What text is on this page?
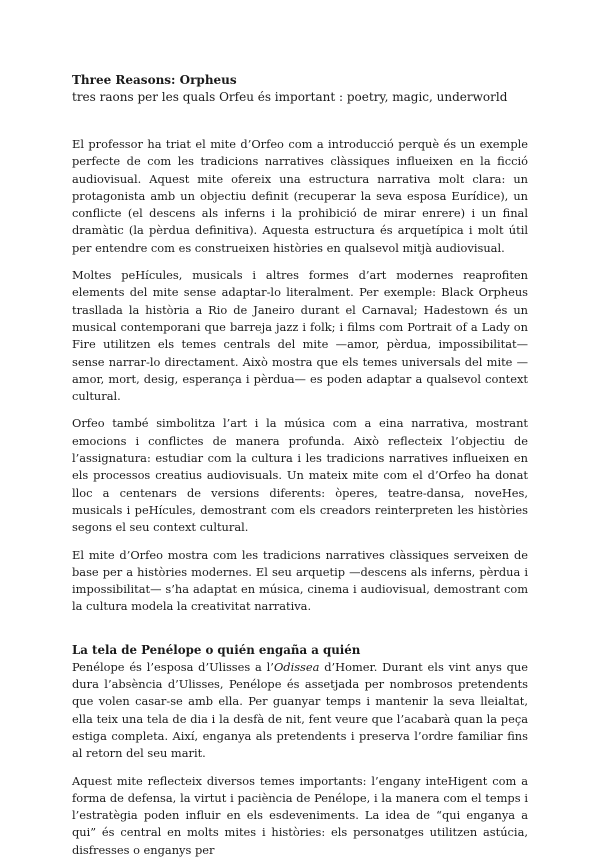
Three Reasons: Orpheus

tres raons per les quals Orfeu és important : poetry, magic, underworld

El professor ha triat el mite d’Orfeo com a introducció perquè és un exemple perfecte de com les tradicions narratives clàssiques influeixen en la ficció audiovisual. Aquest mite ofereix una estructura narrativa molt clara: un protagonista amb un objectiu definit (recuperar la seva esposa Eurídice), un conflicte (el descens als inferns i la prohibició de mirar enrere) i un final dramàtic (la pèrdua definitiva). Aquesta estructura és arquetípica i molt útil per entendre com es construeixen històries en qualsevol mitjà audiovisual.

Moltes peHícules, musicals i altres formes d’art modernes reaprofiten elements del mite sense adaptar-lo literalment. Per exemple: Black Orpheus trasllada la història a Rio de Janeiro durant el Carnaval; Hadestown és un musical contemporani que barreja jazz i folk; i films com Portrait of a Lady on Fire utilitzen els temes centrals del mite —amor, pèrdua, impossibilitat— sense narrar-lo directament. Això mostra que els temes universals del mite —amor, mort, desig, esperança i pèrdua— es poden adaptar a qualsevol context cultural.

Orfeo també simbolitza l’art i la música com a eina narrativa, mostrant emocions i conflictes de manera profunda. Això reflecteix l’objectiu de l’assignatura: estudiar com la cultura i les tradicions narratives influeixen en els processos creatius audiovisuals. Un mateix mite com el d’Orfeo ha donat lloc a centenars de versions diferents: òperes, teatre-dansa, noveHes, musicals i peHícules, demostrant com els creadors reinterpreten les històries segons el seu context cultural.

El mite d’Orfeo mostra com les tradicions narratives clàssiques serveixen de base per a històries modernes. El seu arquetip —descens als inferns, pèrdua i impossibilitat— s’ha adaptat en música, cinema i audiovisual, demostrant com la cultura modela la creativitat narrativa.

La tela de Penélope o quién engaña a quién

Penélope és l’esposa d’Ulisses a l’Odissea d’Homer. Durant els vint anys que dura l’absència d’Ulisses, Penélope és assetjada per nombrosos pretendents que volen casar-se amb ella. Per guanyar temps i mantenir la seva lleialtat, ella teix una tela de dia i la desfà de nit, fent veure que l’acabarà quan la peça estiga completa. Així, enganya als pretendents i preserva l’ordre familiar fins al retorn del seu marit.

Aquest mite reflecteix diversos temes importants: l’engany inteHigent com a forma de defensa, la virtut i paciència de Penélope, i la manera com el temps i l’estratègia poden influir en els esdeveniments. La idea de “qui enganya a qui” és central en molts mites i històries: els personatges utilitzen astúcia, disfresses o enganys per
